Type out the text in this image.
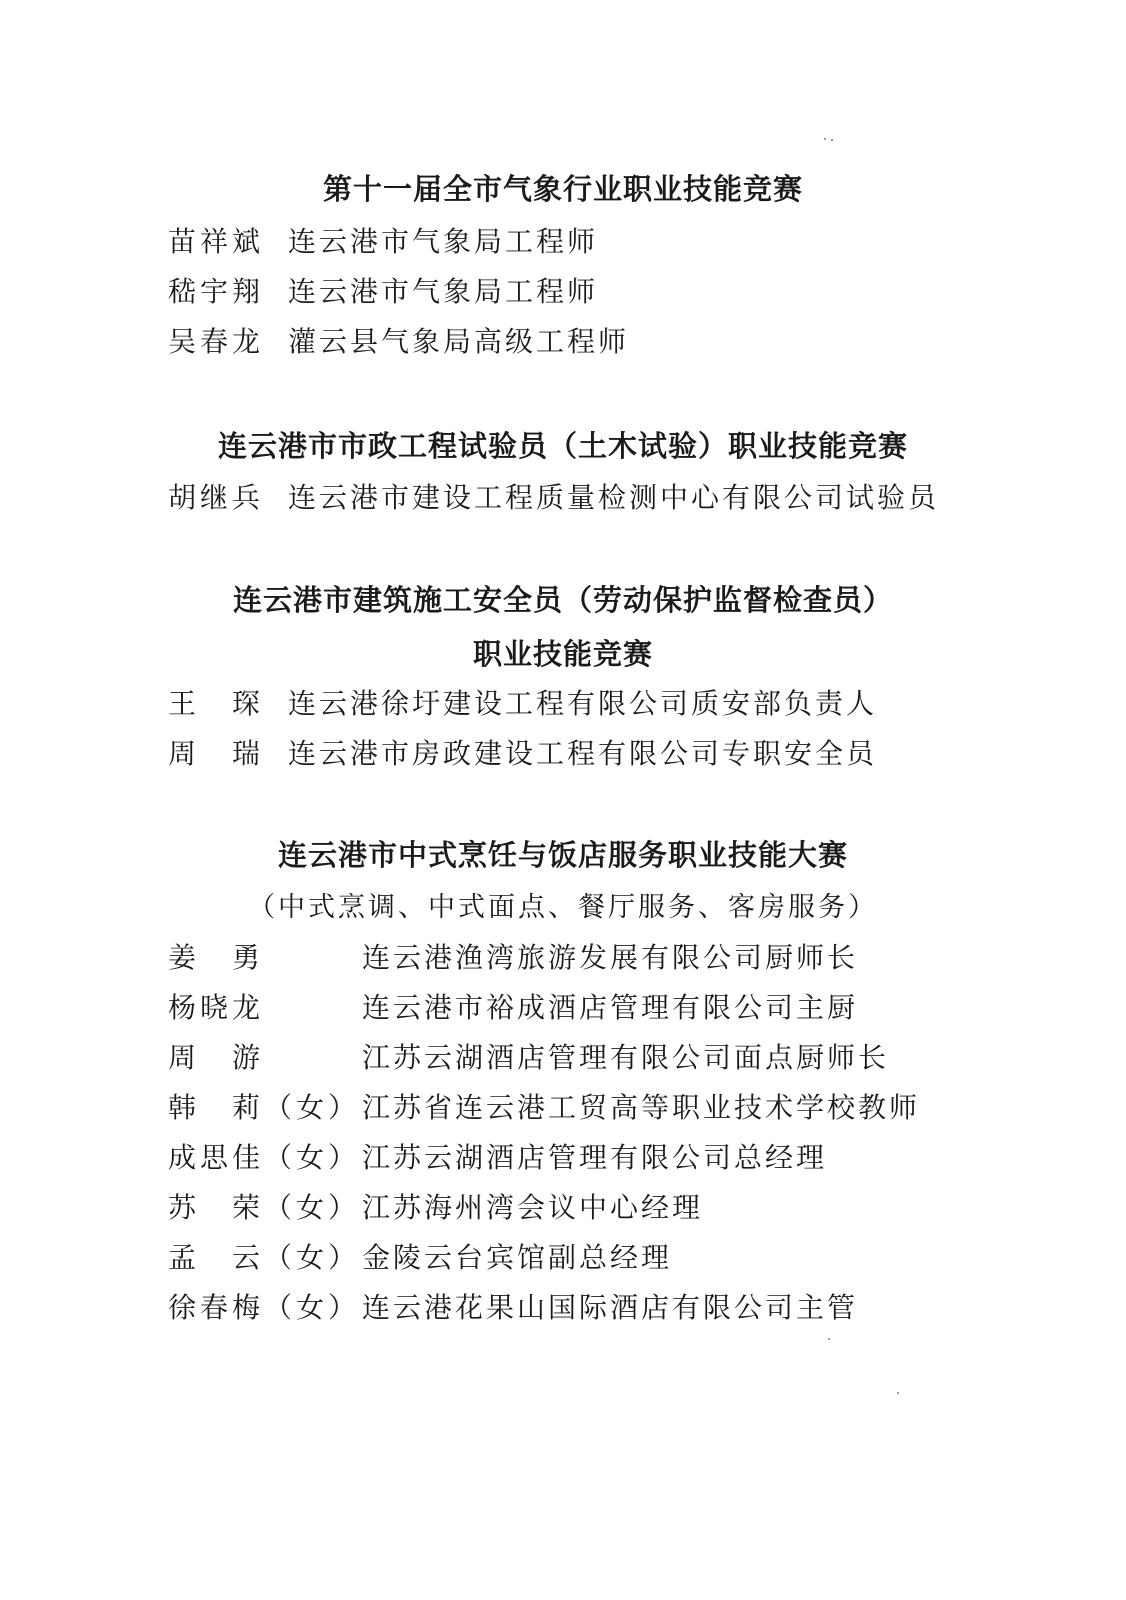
第十一届全市气象行业职业技能竞赛
苗祥斌 连云港市气象局工程师
嵇宇翔 连云港市气象局工程师
吴春龙 灌云县气象局高级工程师
连云港市市政工程试验员（土木试验）职业技能竞赛
胡继兵 连云港市建设工程质量检测中心有限公司试验员
连云港市建筑施工安全员（劳动保护监督检查员）
职业技能竞赛
王　琛 连云港徐圩建设工程有限公司质安部负责人
周　瑞 连云港市房政建设工程有限公司专职安全员
连云港市中式烹饪与饭店服务职业技能大赛
（中式烹调、中式面点、餐厅服务、客房服务）
姜　勇	连云港渔湾旅游发展有限公司厨师长
杨晓龙	连云港市裕成酒店管理有限公司主厨
周　游	江苏云湖酒店管理有限公司面点厨师长
韩　莉（女） 江苏省连云港工贸高等职业技术学校教师
成思佳（女） 江苏云湖酒店管理有限公司总经理
苏　荣（女） 江苏海州湾会议中心经理
孟　云（女） 金陵云台宾馆副总经理
徐春梅（女） 连云港花果山国际酒店有限公司主管
